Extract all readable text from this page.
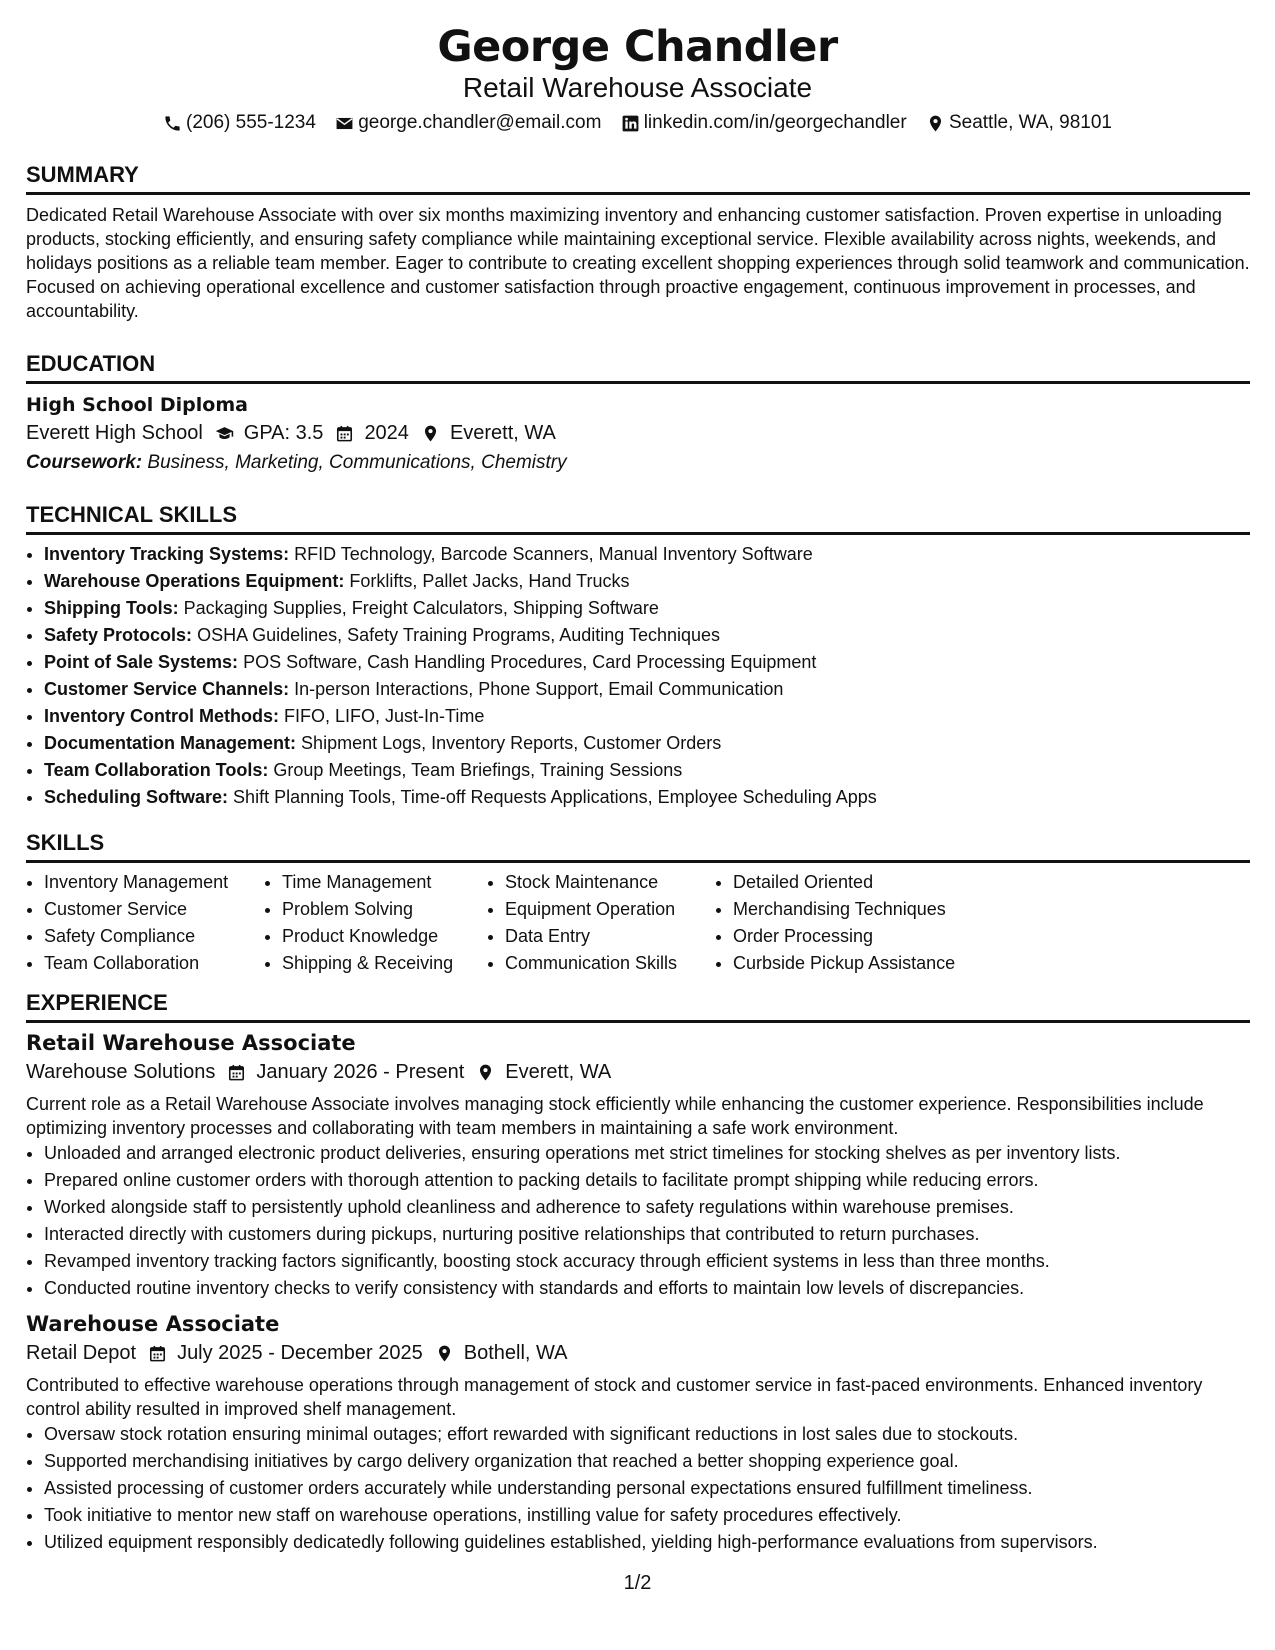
George Chandler
Retail Warehouse Associate
(206) 555-1234
george.chandler@email.com
linkedin.com/in/georgechandler
Seattle, WA, 98101
SUMMARY
Dedicated Retail Warehouse Associate with over six months maximizing inventory and enhancing customer satisfaction. Proven expertise in unloading products, stocking efficiently, and ensuring safety compliance while maintaining exceptional service. Flexible availability across nights, weekends, and holidays positions as a reliable team member. Eager to contribute to creating excellent shopping experiences through solid teamwork and communication. Focused on achieving operational excellence and customer satisfaction through proactive engagement, continuous improvement in processes, and accountability.
EDUCATION
High School Diploma
Everett High School GPA: 3.5 2024 Everett, WA
Coursework: Business, Marketing, Communications, Chemistry
TECHNICAL SKILLS
• Inventory Tracking Systems: RFID Technology, Barcode Scanners, Manual Inventory Software
• Warehouse Operations Equipment: Forklifts, Pallet Jacks, Hand Trucks
• Shipping Tools: Packaging Supplies, Freight Calculators, Shipping Software
• Safety Protocols: OSHA Guidelines, Safety Training Programs, Auditing Techniques
• Point of Sale Systems: POS Software, Cash Handling Procedures, Card Processing Equipment
• Customer Service Channels: In-person Interactions, Phone Support, Email Communication
• Inventory Control Methods: FIFO, LIFO, Just-In-Time
• Documentation Management: Shipment Logs, Inventory Reports, Customer Orders
• Team Collaboration Tools: Group Meetings, Team Briefings, Training Sessions
• Scheduling Software: Shift Planning Tools, Time-off Requests Applications, Employee Scheduling Apps
SKILLS
• Inventory Management
• Customer Service
• Safety Compliance
• Team Collaboration
• Time Management
• Problem Solving
• Product Knowledge
• Shipping & Receiving
• Stock Maintenance
• Equipment Operation
• Data Entry
• Communication Skills
• Detailed Oriented
• Merchandising Techniques
• Order Processing
• Curbside Pickup Assistance
EXPERIENCE
Retail Warehouse Associate
Warehouse Solutions January 2026 - Present Everett, WA
Current role as a Retail Warehouse Associate involves managing stock efficiently while enhancing the customer experience. Responsibilities include optimizing inventory processes and collaborating with team members in maintaining a safe work environment.
• Unloaded and arranged electronic product deliveries, ensuring operations met strict timelines for stocking shelves as per inventory lists.
• Prepared online customer orders with thorough attention to packing details to facilitate prompt shipping while reducing errors.
• Worked alongside staff to persistently uphold cleanliness and adherence to safety regulations within warehouse premises.
• Interacted directly with customers during pickups, nurturing positive relationships that contributed to return purchases.
• Revamped inventory tracking factors significantly, boosting stock accuracy through efficient systems in less than three months.
• Conducted routine inventory checks to verify consistency with standards and efforts to maintain low levels of discrepancies.
Warehouse Associate
Retail Depot July 2025 - December 2025 Bothell, WA
Contributed to effective warehouse operations through management of stock and customer service in fast-paced environments. Enhanced inventory control ability resulted in improved shelf management.
• Oversaw stock rotation ensuring minimal outages; effort rewarded with significant reductions in lost sales due to stockouts.
• Supported merchandising initiatives by cargo delivery organization that reached a better shopping experience goal.
• Assisted processing of customer orders accurately while understanding personal expectations ensured fulfillment timeliness.
• Took initiative to mentor new staff on warehouse operations, instilling value for safety procedures effectively.
• Utilized equipment responsibly dedicatedly following guidelines established, yielding high-performance evaluations from supervisors.
1/2
